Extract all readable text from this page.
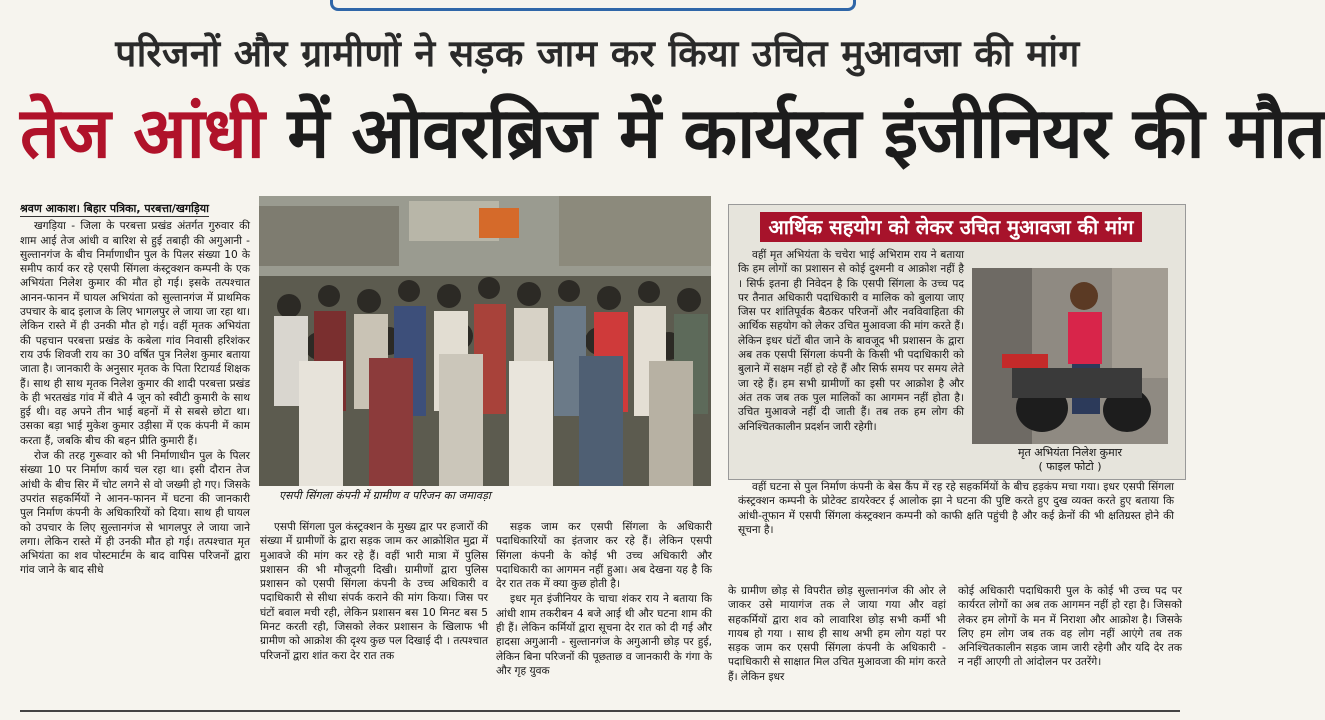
परिजनों और ग्रामीणों ने सड़क जाम कर किया उचित मुआवजा की मांग
तेज आंधी में ओवरब्रिज में कार्यरत इंजीनियर की मौत
श्रवण आकाश। बिहार पत्रिका, परबत्ता/खगड़िया

खगड़िया - जिला के परबत्ता प्रखंड अंतर्गत गुरुवार की शाम आई तेज आंधी व बारिश से हुई तबाही की अगुआनी - सुल्तानगंज के बीच निर्माणाधीन पुल के पिलर संख्या 10 के समीप कार्य कर रहे एसपी सिंगला कंस्ट्रक्शन कम्पनी के एक अभियंता निलेश कुमार की मौत हो गई। इसके तत्पश्चात आनन-फानन में घायल अभियंता को सुल्तानगंज में प्राथमिक उपचार के बाद इलाज के लिए भागलपुर ले जाया जा रहा था। लेकिन रास्ते में ही उनकी मौत हो गई। वहीं मृतक अभियंता की पहचान परबत्ता प्रखंड के कबेला गांव निवासी हरिशंकर राय उर्फ शिवजी राय का 30 वर्षित पुत्र निलेश कुमार बताया जाता है। जानकारी के अनुसार मृतक के पिता रिटायर्ड शिक्षक हैं। साथ ही साथ मृतक निलेश कुमार की शादी परबत्ता प्रखंड के ही भरतखंड गांव में बीते 4 जून को स्वीटी कुमारी के साथ हुई थी। वह अपने तीन भाई बहनों में से सबसे छोटा था। उसका बड़ा भाई मुकेश कुमार उड़ीसा में एक कंपनी में काम करता हैं, जबकि बीच की बहन प्रीति कुमारी हैं।

रोज की तरह गुरूवार को भी निर्माणाधीन पुल के पिलर संख्या 10 पर निर्माण कार्य चल रहा था। इसी दौरान तेज आंधी के बीच सिर में चोट लगने से वो जख्मी हो गए। जिसके उपरांत सहकर्मियों ने आनन-फानन में घटना की जानकारी पुल निर्माण कंपनी के अधिकारियों को दिया। साथ ही घायल को उपचार के लिए सुल्तानगंज से भागलपुर ले जाया जाने लगा। लेकिन रास्ते में ही उनकी मौत हो गई। तत्पश्चात मृत अभियंता का शव पोस्टमार्टम के बाद वापिस परिजनों द्वारा गांव जाने के बाद सीधे

एसपी सिंगला कंपनी में ग्रामीण व परिजन का जमावड़ा

एसपी सिंगला पुल कंस्ट्रक्शन के मुख्य द्वार पर हजारों की संख्या में ग्रामीणों के द्वारा सड़क जाम कर आक्रोशित मुद्रा में मुआवजे की मांग कर रहे हैं। वहीं भारी मात्रा में पुलिस प्रशासन की भी मौजूदगी दिखी। ग्रामीणों द्वारा पुलिस प्रशासन को एसपी सिंगला कंपनी के उच्च अधिकारी व पदाधिकारी से सीधा संपर्क कराने की मांग किया। जिस पर घंटों बवाल मची रही, लेकिन प्रशासन बस 10 मिनट बस 5 मिनट करती रही, जिसको लेकर प्रशासन के खिलाफ भी ग्रामीण को आक्रोश की दृश्य कुछ पल दिखाई दी । तत्पश्चात परिजनों द्वारा शांत करा देर रात तक

सड़क जाम कर एसपी सिंगला के अधिकारी पदाधिकारियों का इंतजार कर रहे हैं। लेकिन एसपी सिंगला कंपनी के कोई भी उच्च अधिकारी और पदाधिकारी का आगमन नहीं हुआ। अब देखना यह है कि देर रात तक में क्या कुछ होती है।

इधर मृत इंजीनियर के चाचा शंकर राय ने बताया कि आंधी शाम तकरीबन 4 बजे आई थी और घटना शाम की ही हैं। लेकिन कर्मियों द्वारा सूचना देर रात को दी गई और हादसा अगुआनी - सुल्तानगंज के अगुआनी छोड़ पर हुई, लेकिन बिना परिजनों की पूछताछ व जानकारी के गंगा के और गृह युवक

आर्थिक सहयोग को लेकर उचित मुआवजा की मांग

वहीं मृत अभियंता के चचेरा भाई अभिराम राय ने बताया कि हम लोगों का प्रशासन से कोई दुश्मनी व आक्रोश नहीं है । सिर्फ इतना ही निवेदन है कि एसपी सिंगला के उच्च पद पर तैनात अधिकारी पदाधिकारी व मालिक को बुलाया जाए जिस पर शांतिपूर्वक बैठकर परिजनों और नवविवाहिता की आर्थिक सहयोग को लेकर उचित मुआवजा की मांग करते हैं। लेकिन इधर घंटों बीत जाने के बावजूद भी प्रशासन के द्वारा अब तक एसपी सिंगला कंपनी के किसी भी पदाधिकारी को बुलाने में सक्षम नहीं हो रहे हैं और सिर्फ समय पर समय लेते जा रहे हैं। हम सभी ग्रामीणों का इसी पर आक्रोश है और अंत तक जब तक पुल मालिकों का आगमन नहीं होता है। उचित मुआवजे नहीं दी जाती हैं। तब तक हम लोग की अनिश्चितकालीन प्रदर्शन जारी रहेगी।

मृत अभियंता निलेश कुमार
( फाइल फोटो )

वहीं घटना से पुल निर्माण कंपनी के बेस कैंप में रह रहे सहकर्मियों के बीच हड़कंप मचा गया। इधर एसपी सिंगला कंस्ट्रक्शन कम्पनी के प्रोटेक्ट डायरेक्टर ई आलोक झा ने घटना की पुष्टि करते हुए दुख व्यक्त करते हुए बताया कि आंधी-तूफान में एसपी सिंगला कंस्ट्रक्शन कम्पनी को काफी क्षति पहुंची है और कई क्रेनों की भी क्षतिग्रस्त होने की सूचना है।

के ग्रामीण छोड़ से विपरीत छोड़ सुल्तानगंज की ओर ले जाकर उसे मायागंज तक ले जाया गया और वहां सहकर्मियों द्वारा शव को लावारिश छोड़ सभी कर्मी भी गायब हो गया । साथ ही साथ अभी हम लोग यहां पर सड़क जाम कर एसपी सिंगला कंपनी के अधिकारी - पदाधिकारी से साक्षात मिल उचित मुआवजा की मांग करते हैं। लेकिन इधर

कोई अधिकारी पदाधिकारी पुल के कोई भी उच्च पद पर कार्यरत लोगों का अब तक आगमन नहीं हो रहा है। जिसको लेकर हम लोगों के मन में निराशा और आक्रोश है। जिसके लिए हम लोग जब तक वह लोग नहीं आएंगे तब तक अनिश्चितकालीन सड़क जाम जारी रहेगी और यदि देर तक न नहीं आएगी तो आंदोलन पर उतरेंगे।
